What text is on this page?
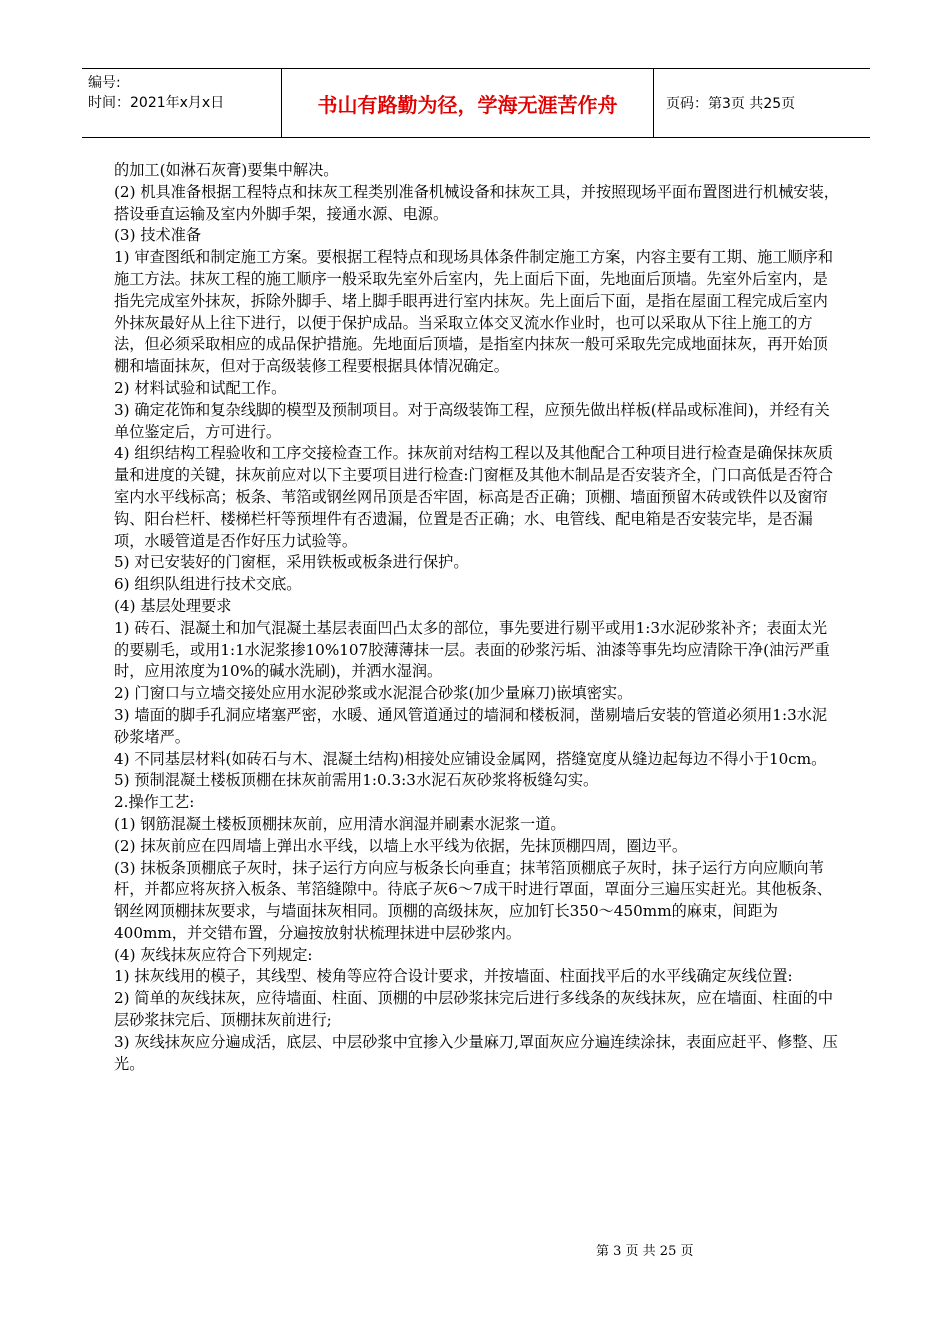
编号:
时间：2021年x月x日	书山有路勤为径，学海无涯苦作舟	页码：第3页 共25页

的加工(如淋石灰膏)要集中解决。

(2) 机具准备根据工程特点和抹灰工程类别准备机械设备和抹灰工具，并按照现场平面布置图进行机械安装，搭设垂直运输及室内外脚手架，接通水源、电源。

(3) 技术准备

1) 审查图纸和制定施工方案。要根据工程特点和现场具体条件制定施工方案，内容主要有工期、施工顺序和施工方法。抹灰工程的施工顺序一般采取先室外后室内，先上面后下面，先地面后顶墙。先室外后室内，是指先完成室外抹灰，拆除外脚手、堵上脚手眼再进行室内抹灰。先上面后下面，是指在屋面工程完成后室内外抹灰最好从上往下进行，以便于保护成品。当采取立体交叉流水作业时，也可以采取从下往上施工的方法，但必须采取相应的成品保护措施。先地面后顶墙，是指室内抹灰一般可采取先完成地面抹灰，再开始顶棚和墙面抹灰，但对于高级装修工程要根据具体情况确定。

2) 材料试验和试配工作。

3) 确定花饰和复杂线脚的模型及预制项目。对于高级装饰工程，应预先做出样板(样品或标准间)，并经有关单位鉴定后，方可进行。

4) 组织结构工程验收和工序交接检查工作。抹灰前对结构工程以及其他配合工种项目进行检查是确保抹灰质量和进度的关键，抹灰前应对以下主要项目进行检查:门窗框及其他木制品是否安装齐全，门口高低是否符合室内水平线标高；板条、苇箔或钢丝网吊顶是否牢固，标高是否正确；顶棚、墙面预留木砖或铁件以及窗帘钩、阳台栏杆、楼梯栏杆等预埋件有否遗漏，位置是否正确；水、电管线、配电箱是否安装完毕，是否漏项，水暖管道是否作好压力试验等。

5) 对已安装好的门窗框，采用铁板或板条进行保护。

6) 组织队组进行技术交底。

(4) 基层处理要求

1) 砖石、混凝土和加气混凝土基层表面凹凸太多的部位，事先要进行剔平或用1:3水泥砂浆补齐；表面太光的要剔毛，或用1:1水泥浆掺10%107胶薄薄抹一层。表面的砂浆污垢、油漆等事先均应清除干净(油污严重时，应用浓度为10%的碱水洗刷)，并洒水湿润。

2) 门窗口与立墙交接处应用水泥砂浆或水泥混合砂浆(加少量麻刀)嵌填密实。

3) 墙面的脚手孔洞应堵塞严密，水暖、通风管道通过的墙洞和楼板洞，凿剔墙后安装的管道必须用1:3水泥砂浆堵严。

4) 不同基层材料(如砖石与木、混凝土结构)相接处应铺设金属网，搭缝宽度从缝边起每边不得小于10cm。

5) 预制混凝土楼板顶棚在抹灰前需用1:0.3:3水泥石灰砂浆将板缝勾实。

2.操作工艺:

(1) 钢筋混凝土楼板顶棚抹灰前，应用清水润湿并刷素水泥浆一道。

(2) 抹灰前应在四周墙上弹出水平线，以墙上水平线为依据，先抹顶棚四周，圈边平。

(3) 抹板条顶棚底子灰时，抹子运行方向应与板条长向垂直；抹苇箔顶棚底子灰时，抹子运行方向应顺向苇杆，并都应将灰挤入板条、苇箔缝隙中。待底子灰6～7成干时进行罩面，罩面分三遍压实赶光。其他板条、钢丝网顶棚抹灰要求，与墙面抹灰相同。顶棚的高级抹灰，应加钉长350～450mm的麻束，间距为400mm，并交错布置，分遍按放射状梳理抹进中层砂浆内。

(4) 灰线抹灰应符合下列规定:

1) 抹灰线用的模子，其线型、棱角等应符合设计要求，并按墙面、柱面找平后的水平线确定灰线位置:

2) 简单的灰线抹灰，应待墙面、柱面、顶棚的中层砂浆抹完后进行多线条的灰线抹灰，应在墙面、柱面的中层砂浆抹完后、顶棚抹灰前进行;

3) 灰线抹灰应分遍成活，底层、中层砂浆中宜掺入少量麻刀,罩面灰应分遍连续涂抹，表面应赶平、修整、压光。

第 3 页 共 25 页
